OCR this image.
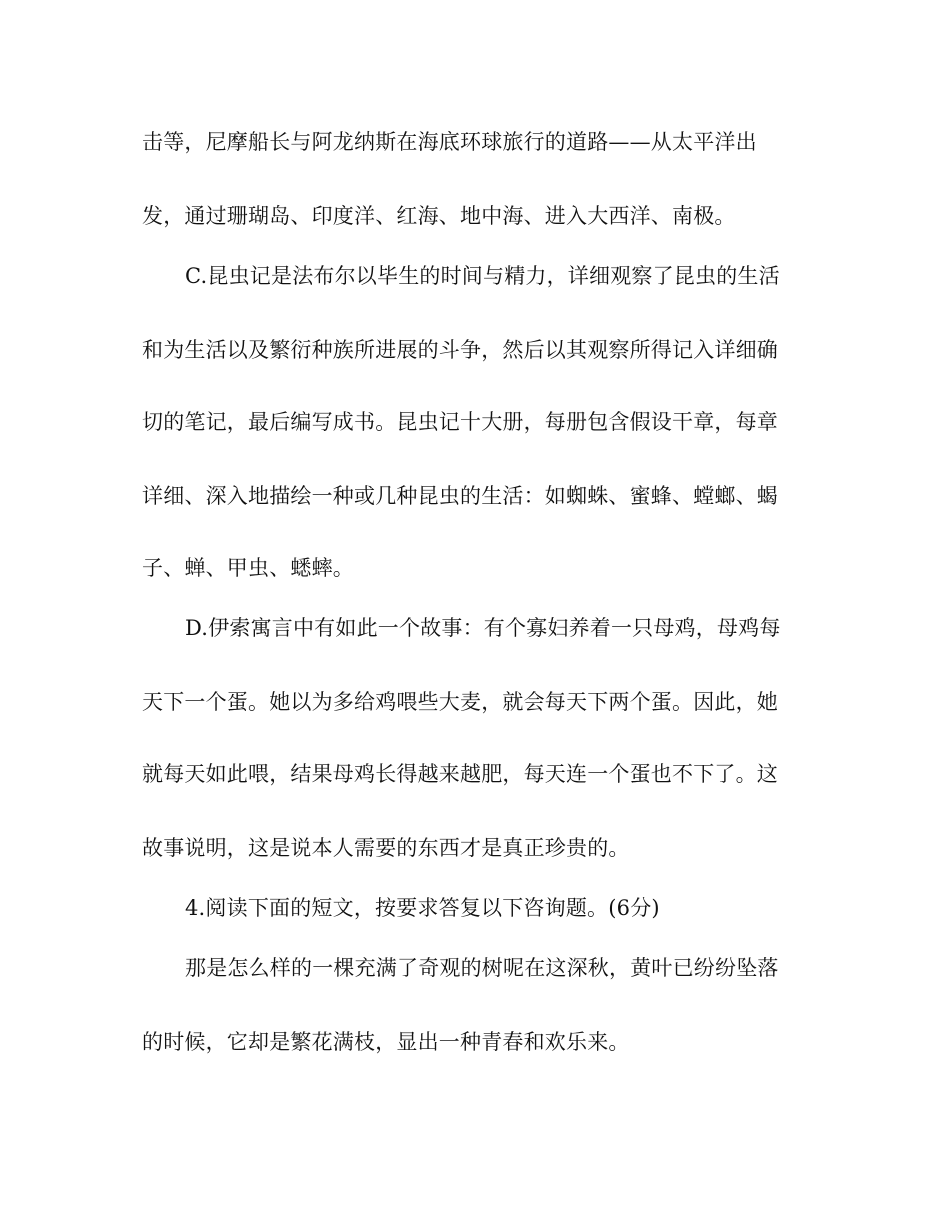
击等，尼摩船长与阿龙纳斯在海底环球旅行的道路——从太平洋出
发，通过珊瑚岛、印度洋、红海、地中海、进入大西洋、南极。
C.昆虫记是法布尔以毕生的时间与精力，详细观察了昆虫的生活
和为生活以及繁衍种族所进展的斗争，然后以其观察所得记入详细确
切的笔记，最后编写成书。昆虫记十大册，每册包含假设干章，每章
详细、深入地描绘一种或几种昆虫的生活：如蜘蛛、蜜蜂、螳螂、蝎
子、蝉、甲虫、蟋蟀。
D.伊索寓言中有如此一个故事：有个寡妇养着一只母鸡，母鸡每
天下一个蛋。她以为多给鸡喂些大麦，就会每天下两个蛋。因此，她
就每天如此喂，结果母鸡长得越来越肥，每天连一个蛋也不下了。这
故事说明，这是说本人需要的东西才是真正珍贵的。
4.阅读下面的短文，按要求答复以下咨询题。(6分)
那是怎么样的一棵充满了奇观的树呢在这深秋，黄叶已纷纷坠落
的时候，它却是繁花满枝，显出一种青春和欢乐来。
